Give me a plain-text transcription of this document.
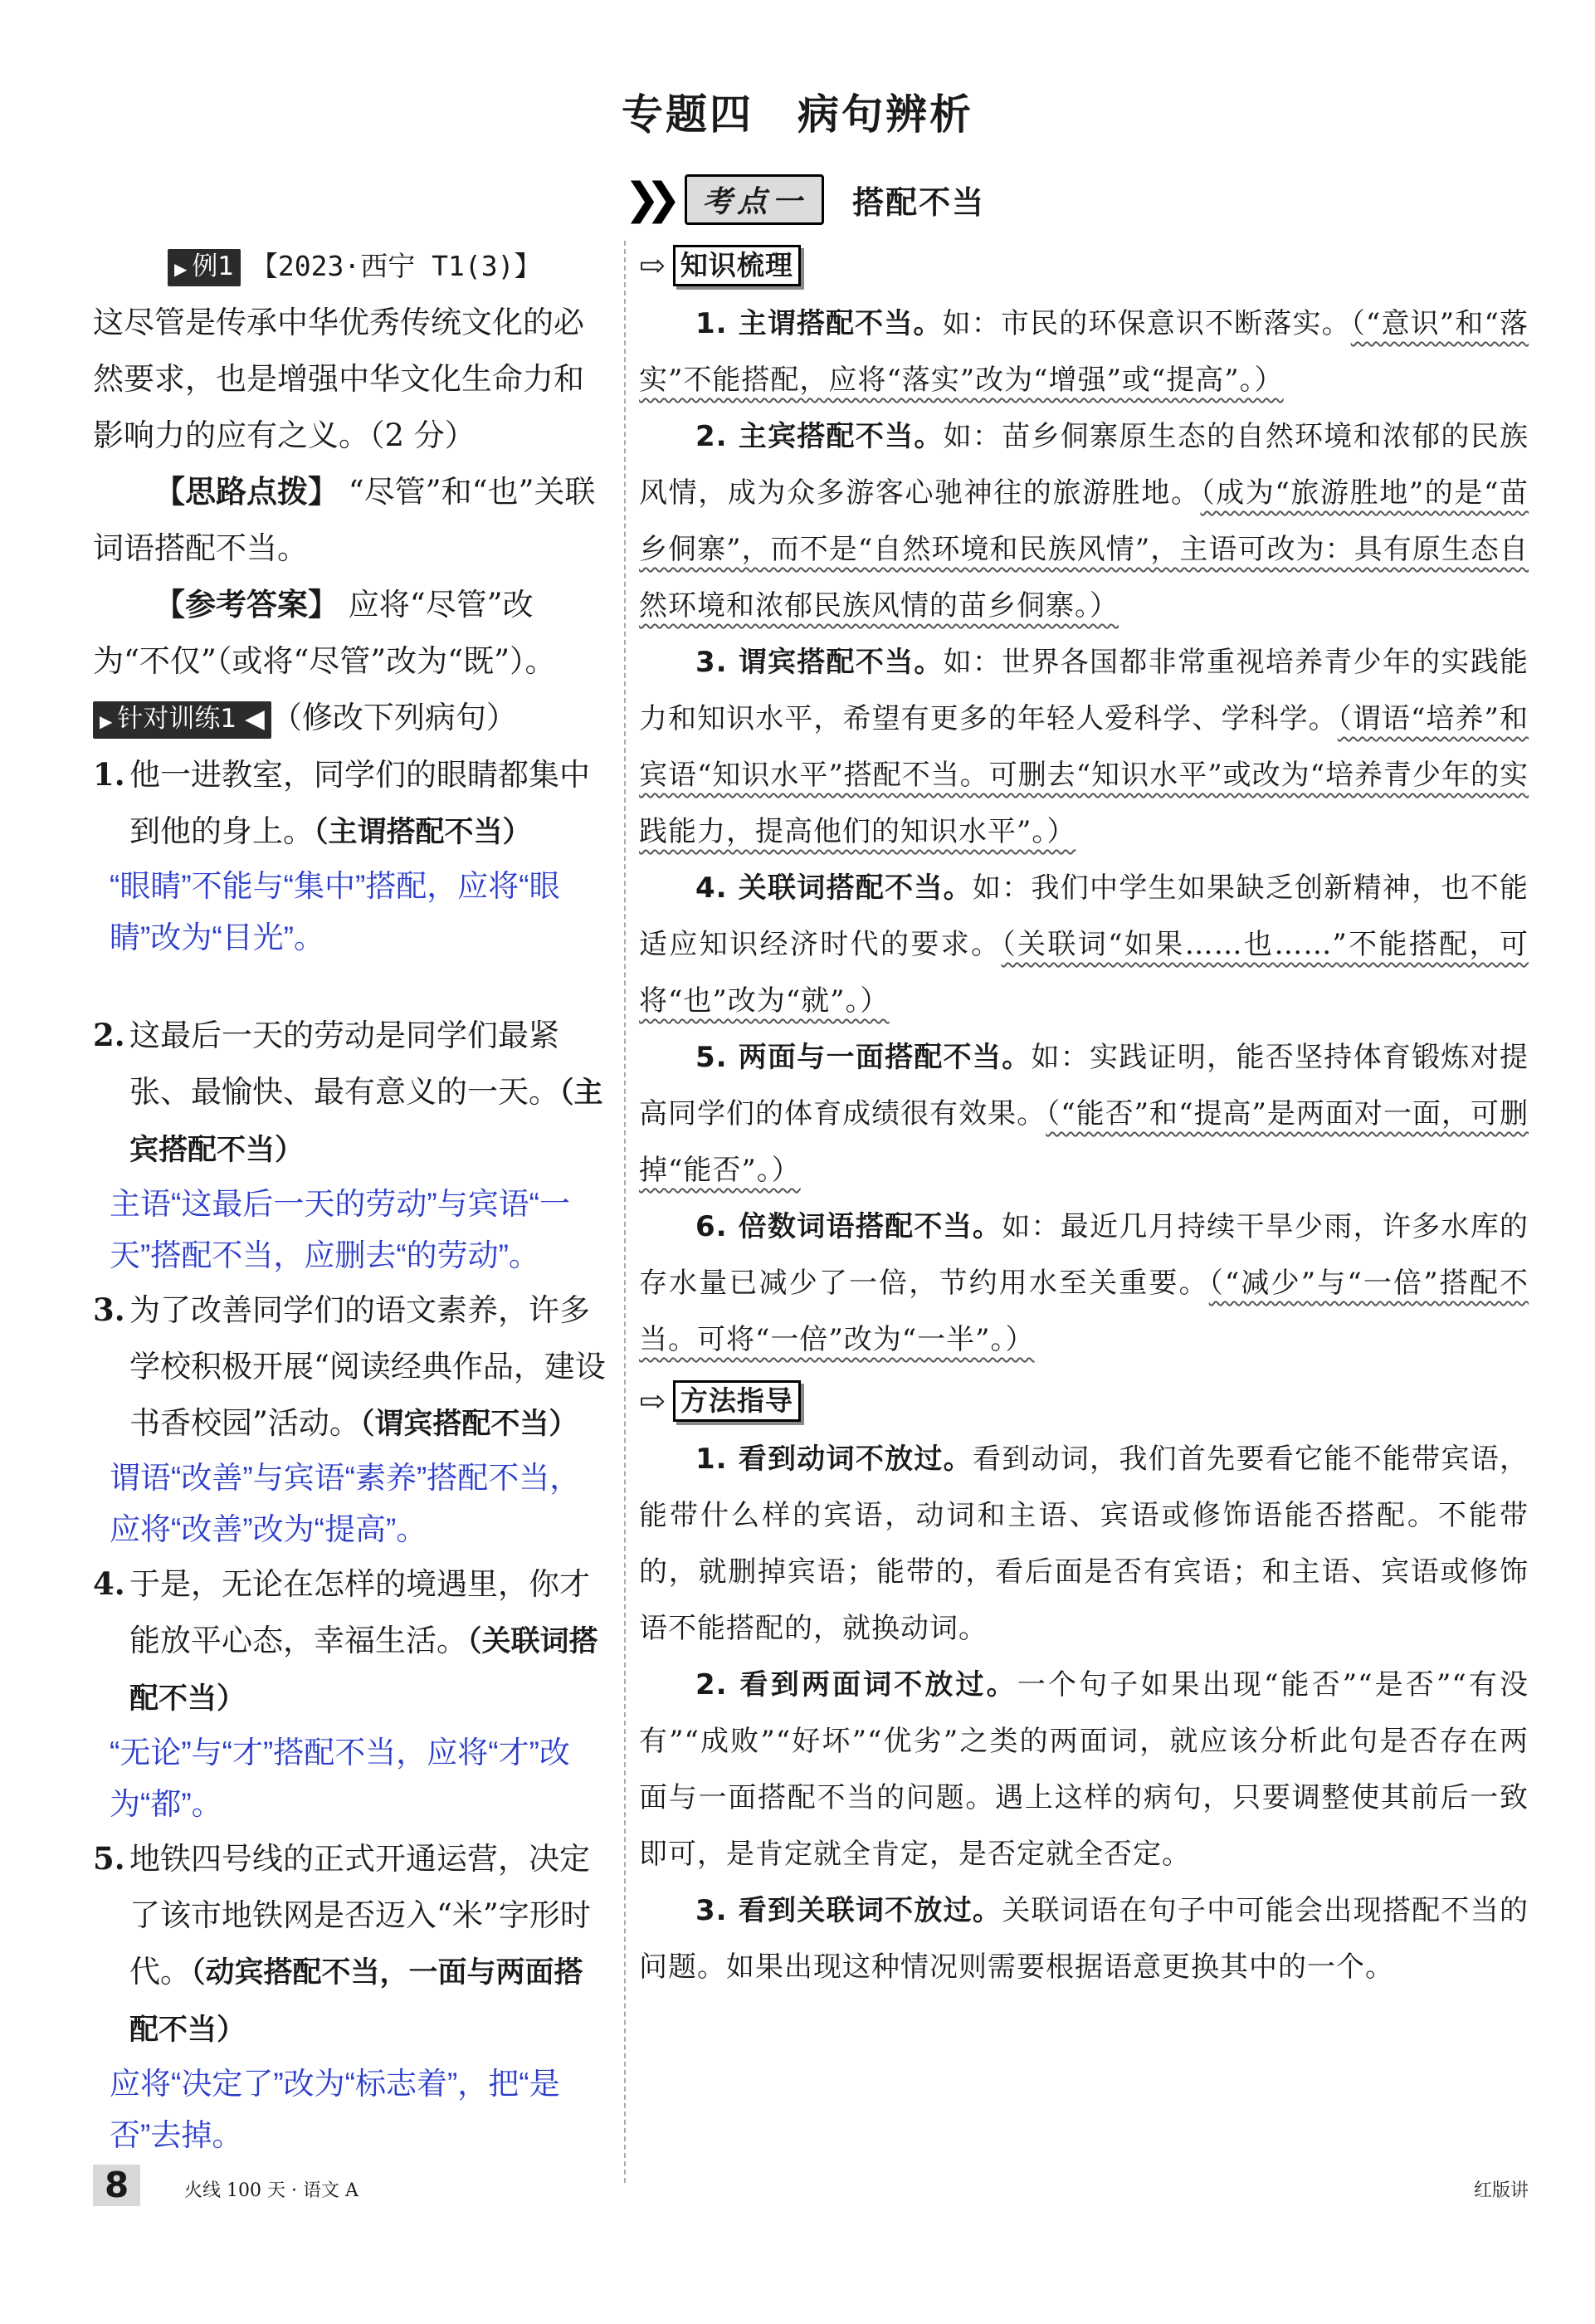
专题四　病句辨析
❯❯	考点一	搭配不当
▶ 例1 【2023·西宁 T1(3)】
这尽管是传承中华优秀传统文化的必然要求，也是增强中华文化生命力和影响力的应有之义。（2 分）
【思路点拨】 “尽管”和“也”关联词语搭配不当。
【参考答案】 应将“尽管”改为“不仅”（或将“尽管”改为“既”）。
▶ 针对训练1 ◀ （修改下列病句）
1. 他一进教室，同学们的眼睛都集中到他的身上。（主谓搭配不当）
“眼睛”不能与“集中”搭配，应将“眼睛”改为“目光”。
2. 这最后一天的劳动是同学们最紧张、最愉快、最有意义的一天。（主宾搭配不当）
主语“这最后一天的劳动”与宾语“一天”搭配不当，应删去“的劳动”。
3. 为了改善同学们的语文素养，许多学校积极开展“阅读经典作品，建设书香校园”活动。（谓宾搭配不当）
谓语“改善”与宾语“素养”搭配不当，应将“改善”改为“提高”。
4. 于是，无论在怎样的境遇里，你才能放平心态，幸福生活。（关联词搭配不当）
“无论”与“才”搭配不当，应将“才”改为“都”。
5. 地铁四号线的正式开通运营，决定了该市地铁网是否迈入“米”字形时代。（动宾搭配不当，一面与两面搭配不当）
应将“决定了”改为“标志着”，把“是否”去掉。
⇨ 知识梳理
1. 主谓搭配不当。如：市民的环保意识不断落实。（“意识”和“落实”不能搭配，应将“落实”改为“增强”或“提高”。）
2. 主宾搭配不当。如：苗乡侗寨原生态的自然环境和浓郁的民族风情，成为众多游客心驰神往的旅游胜地。（成为“旅游胜地”的是“苗乡侗寨”，而不是“自然环境和民族风情”，主语可改为：具有原生态自然环境和浓郁民族风情的苗乡侗寨。）
3. 谓宾搭配不当。如：世界各国都非常重视培养青少年的实践能力和知识水平，希望有更多的年轻人爱科学、学科学。（谓语“培养”和宾语“知识水平”搭配不当。可删去“知识水平”或改为“培养青少年的实践能力，提高他们的知识水平”。）
4. 关联词搭配不当。如：我们中学生如果缺乏创新精神，也不能适应知识经济时代的要求。（关联词“如果……也……”不能搭配，可将“也”改为“就”。）
5. 两面与一面搭配不当。如：实践证明，能否坚持体育锻炼对提高同学们的体育成绩很有效果。（“能否”和“提高”是两面对一面，可删掉“能否”。）
6. 倍数词语搭配不当。如：最近几月持续干旱少雨，许多水库的存水量已减少了一倍，节约用水至关重要。（“减少”与“一倍”搭配不当。可将“一倍”改为“一半”。）
⇨ 方法指导
1. 看到动词不放过。看到动词，我们首先要看它能不能带宾语，能带什么样的宾语，动词和主语、宾语或修饰语能否搭配。不能带的，就删掉宾语；能带的，看后面是否有宾语；和主语、宾语或修饰语不能搭配的，就换动词。
2. 看到两面词不放过。一个句子如果出现“能否”“是否”“有没有”“成败”“好坏”“优劣”之类的两面词，就应该分析此句是否存在两面与一面搭配不当的问题。遇上这样的病句，只要调整使其前后一致即可，是肯定就全肯定，是否定就全否定。
3. 看到关联词不放过。关联词语在句子中可能会出现搭配不当的问题。如果出现这种情况则需要根据语意更换其中的一个。
8	火线 100 天 · 语文 A	红版讲
